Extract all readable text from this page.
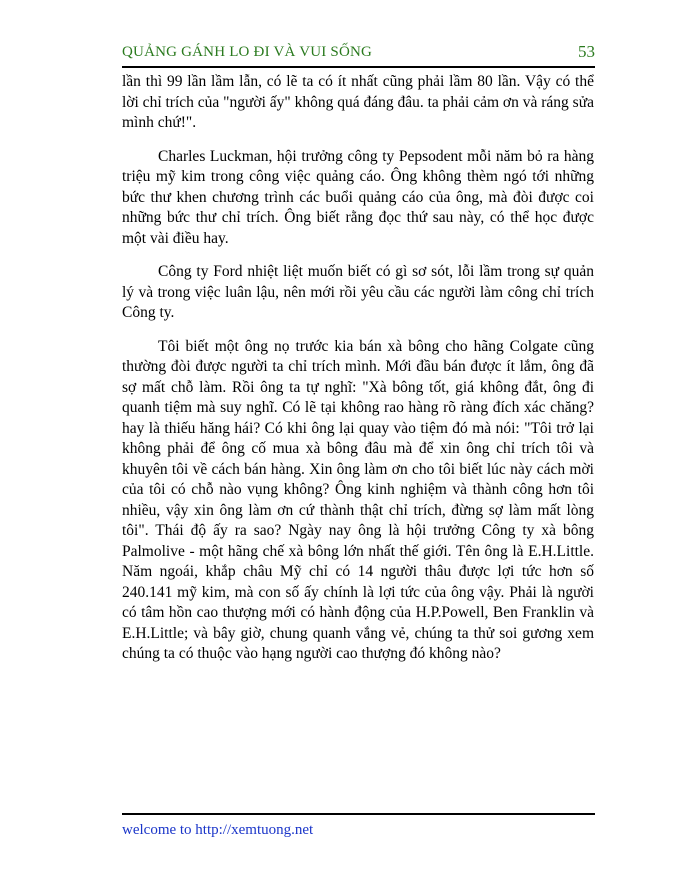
QUẢNG GÁNH LO ĐI VÀ VUI SỐNG	53

lần thì 99 lần lầm lẫn, có lẽ ta có ít nhất cũng phải lầm 80 lần. Vậy có thể lời chỉ trích của "người ấy" không quá đáng đâu. ta phải cảm ơn và ráng sửa mình chứ!".

Charles Luckman, hội trưởng công ty Pepsodent mỗi năm bỏ ra hàng triệu mỹ kim trong công việc quảng cáo. Ông không thèm ngó tới những bức thư khen chương trình các buổi quảng cáo của ông, mà đòi được coi những bức thư chỉ trích. Ông biết rằng đọc thứ sau này, có thể học được một vài điều hay.

Công ty Ford nhiệt liệt muốn biết có gì sơ sót, lỗi lầm trong sự quản lý và trong việc luân lậu, nên mới rồi yêu cầu các người làm công chỉ trích Công ty.

Tôi biết một ông nọ trước kia bán xà bông cho hãng Colgate cũng thường đòi được người ta chỉ trích mình. Mới đầu bán được ít lắm, ông đã sợ mất chỗ làm. Rồi ông ta tự nghĩ: "Xà bông tốt, giá không đắt, ông đi quanh tiệm mà suy nghĩ. Có lẽ tại không rao hàng rõ ràng đích xác chăng? hay là thiếu hăng hái? Có khi ông lại quay vào tiệm đó mà nói: "Tôi trở lại không phải để ông cố mua xà bông đâu mà để xin ông chỉ trích tôi và khuyên tôi về cách bán hàng. Xin ông làm ơn cho tôi biết lúc này cách mời của tôi có chỗ nào vụng không? Ông kinh nghiệm và thành công hơn tôi nhiều, vậy xin ông làm ơn cứ thành thật chỉ trích, đừng sợ làm mất lòng tôi". Thái độ ấy ra sao? Ngày nay ông là hội trưởng Công ty xà bông Palmolive - một hãng chế xà bông lớn nhất thế giới. Tên ông là E.H.Little. Năm ngoái, khắp châu Mỹ chỉ có 14 người thâu được lợi tức hơn số 240.141 mỹ kim, mà con số ấy chính là lợi tức của ông vậy. Phải là người có tâm hồn cao thượng mới có hành động của H.P.Powell, Ben Franklin và E.H.Little; và bây giờ, chung quanh vắng vẻ, chúng ta thử soi gương xem chúng ta có thuộc vào hạng người cao thượng đó không nào?

welcome to http://xemtuong.net
